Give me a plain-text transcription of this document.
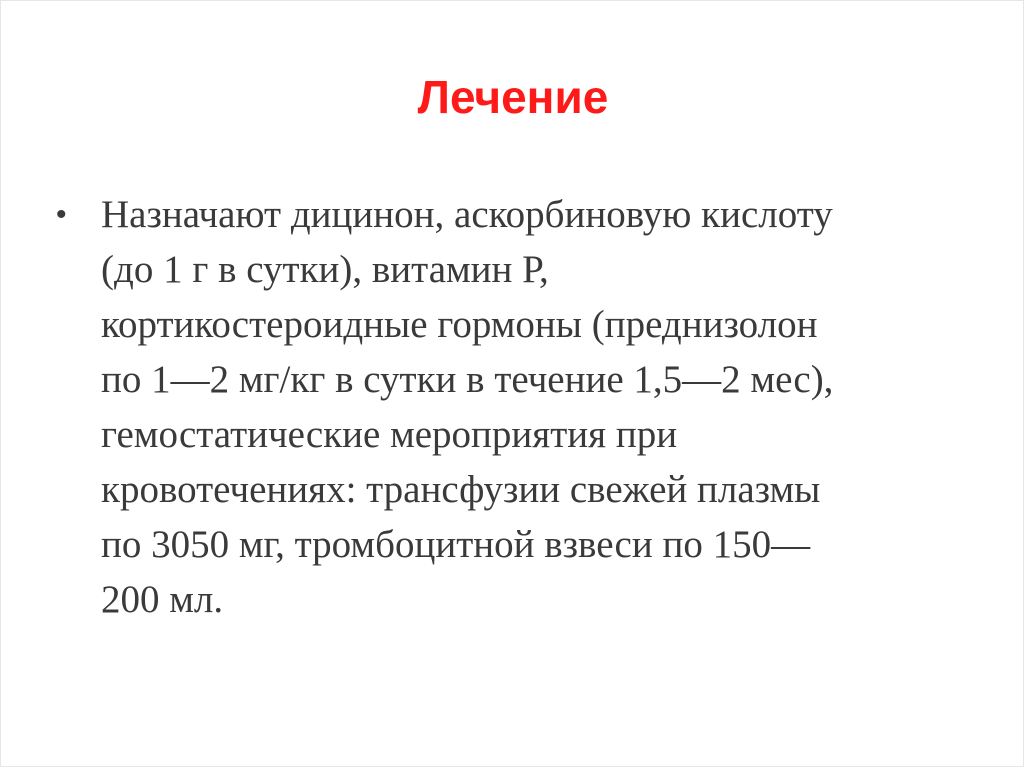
Лечение
• Назначают дицинон, аскорбиновую кислоту
(до 1 г в сутки), витамин Р,
кортикостероидные гормоны (преднизолон
по 1—2 мг/кг в сутки в течение 1,5—2 мес),
гемостатические мероприятия при
кровотечениях: трансфузии свежей плазмы
по 3050 мг, тромбоцитной взвеси по 150—
200 мл.
